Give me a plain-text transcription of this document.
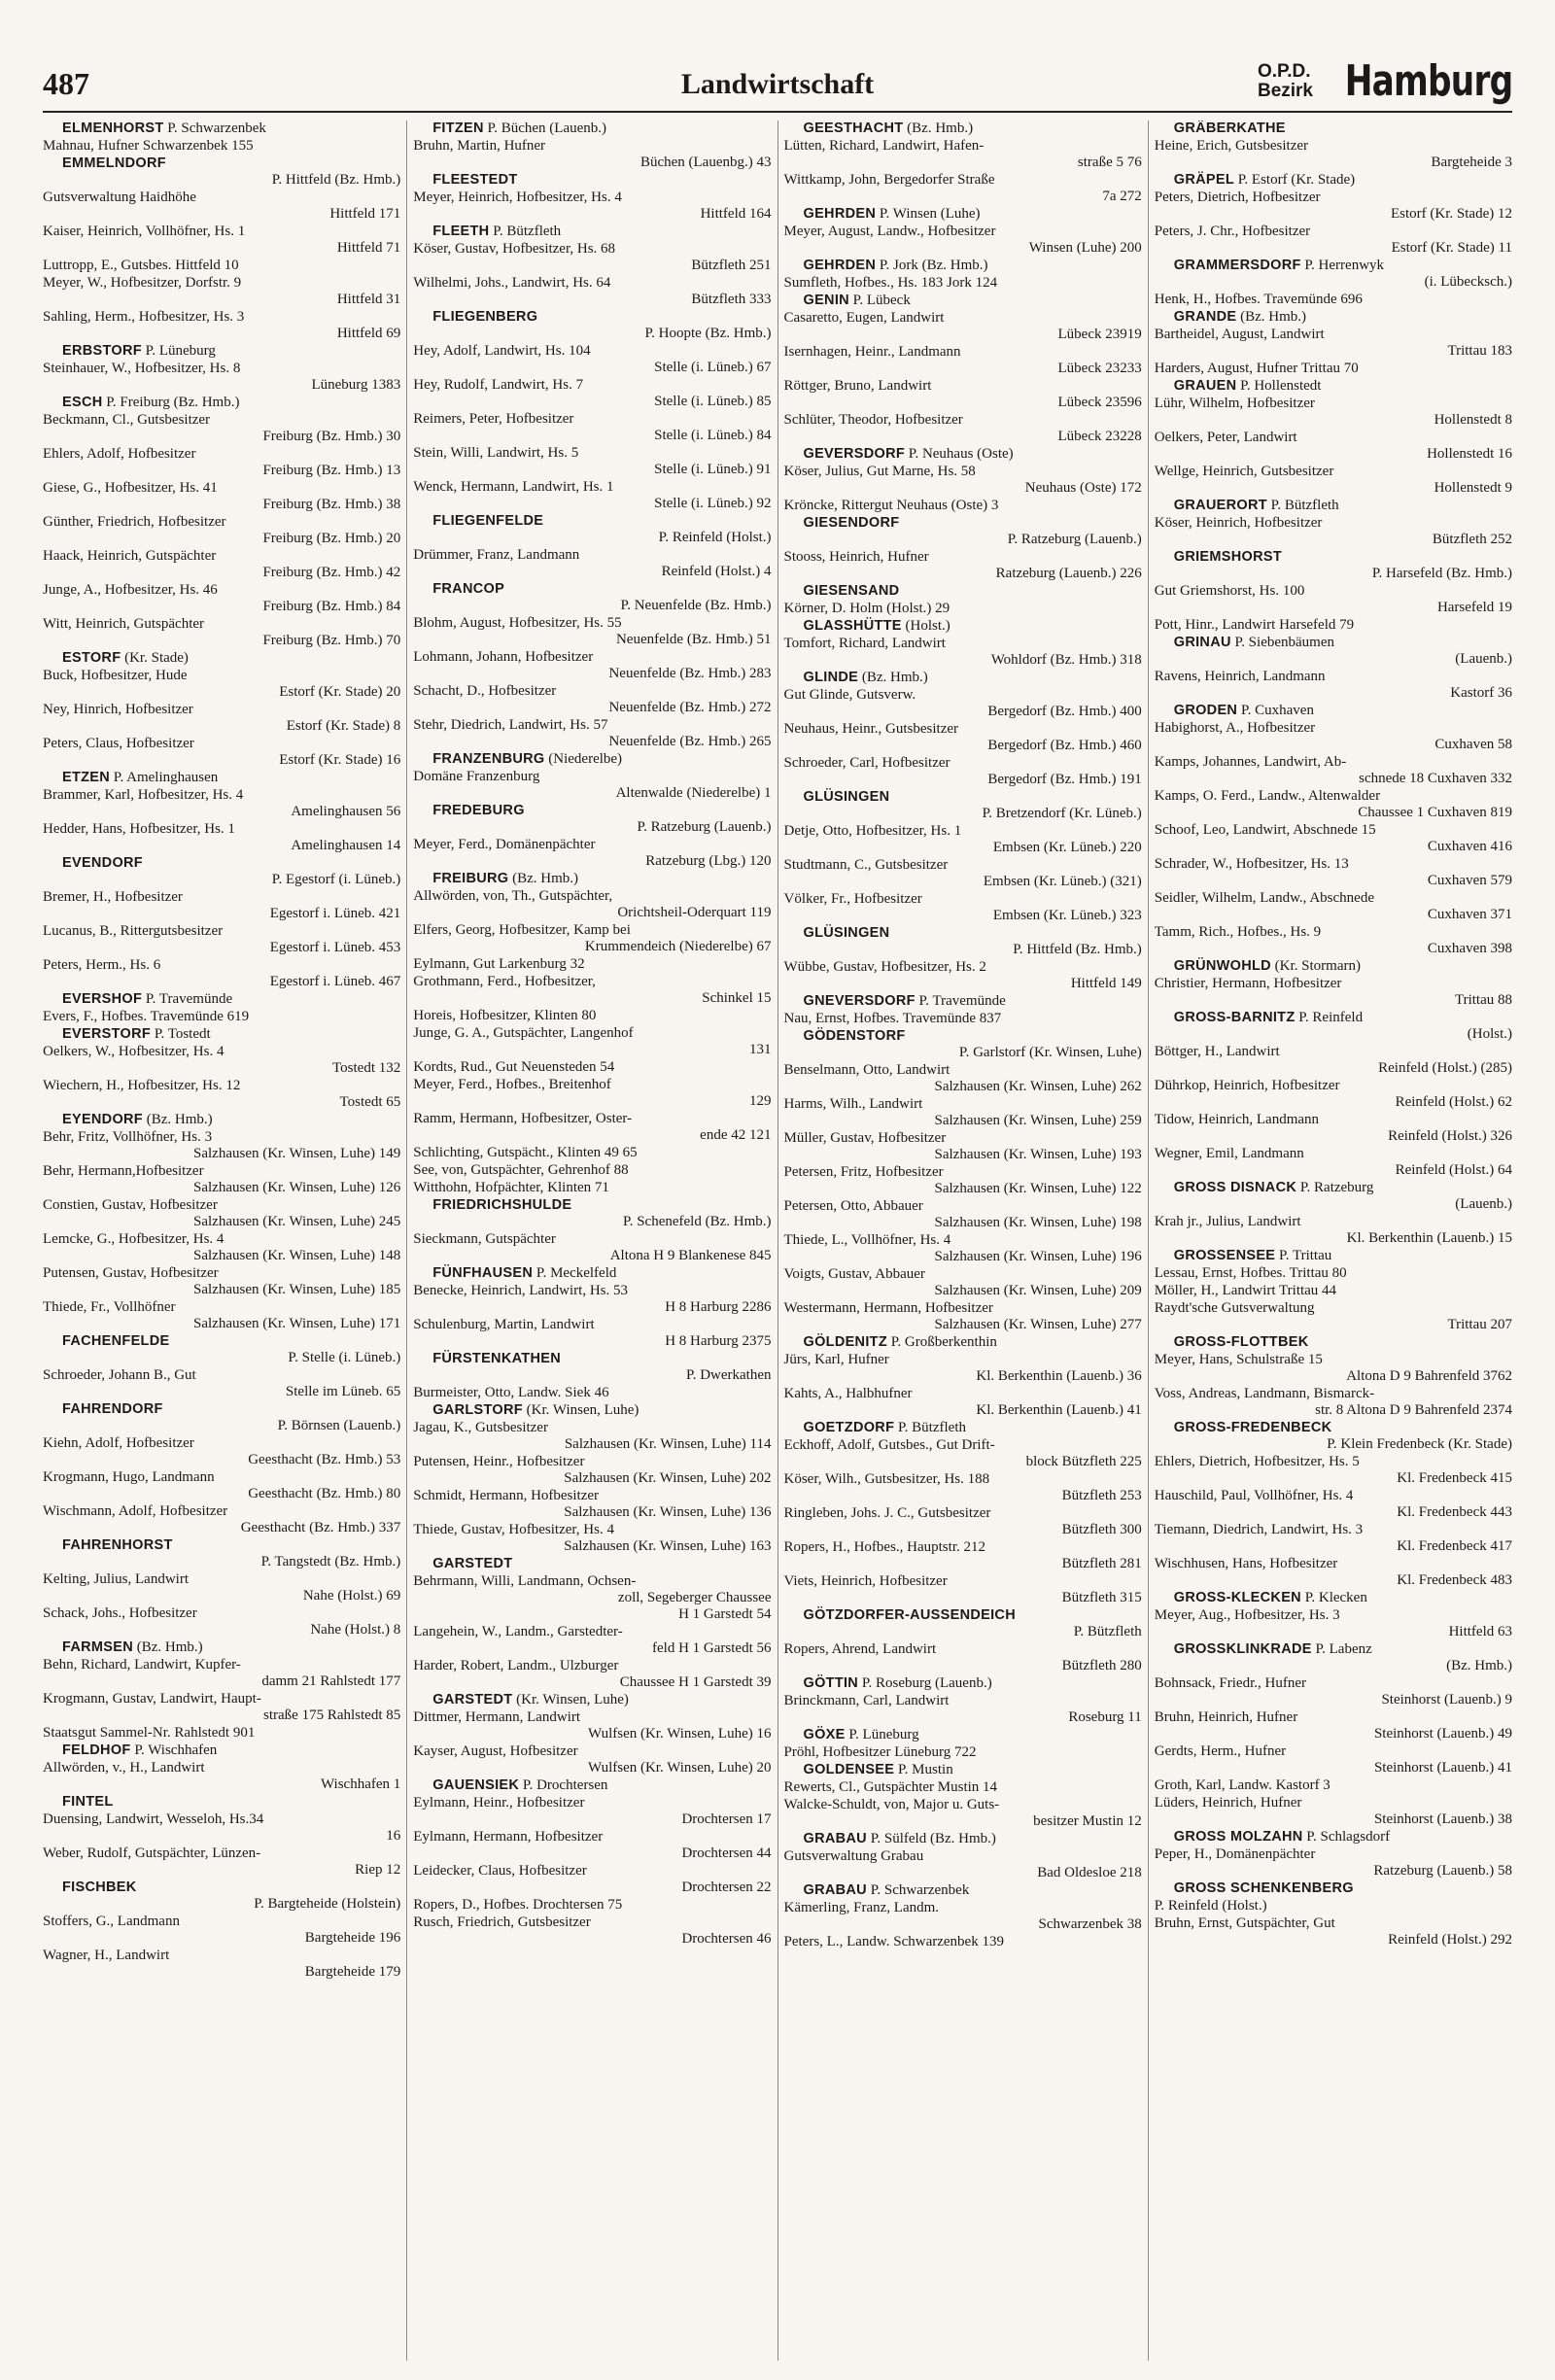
487	Landwirtschaft	O.P.D.
Bezirk Hamburg
ELMENHORST P. Schwarzenbek
Mahnau, Hufner Schwarzenbek 155
EMMELNDORF
P. Hittfeld (Bz. Hmb.)
Gutsverwaltung Haidhöhe
Hittfeld 171
Kaiser, Heinrich, Vollhöfner, Hs. 1
Hittfeld 71
Luttropp, E., Gutsbes. Hittfeld 10
Meyer, W., Hofbesitzer, Dorfstr. 9
Hittfeld 31
Sahling, Herm., Hofbesitzer, Hs. 3
Hittfeld 69
ERBSTORF P. Lüneburg
Steinhauer, W., Hofbesitzer, Hs. 8
Lüneburg 1383
ESCH P. Freiburg (Bz. Hmb.)
Beckmann, Cl., Gutsbesitzer
Freiburg (Bz. Hmb.) 30
Ehlers, Adolf, Hofbesitzer
Freiburg (Bz. Hmb.) 13
Giese, G., Hofbesitzer, Hs. 41
Freiburg (Bz. Hmb.) 38
Günther, Friedrich, Hofbesitzer
Freiburg (Bz. Hmb.) 20
Haack, Heinrich, Gutspächter
Freiburg (Bz. Hmb.) 42
Junge, A., Hofbesitzer, Hs. 46
Freiburg (Bz. Hmb.) 84
Witt, Heinrich, Gutspächter
Freiburg (Bz. Hmb.) 70
ESTORF (Kr. Stade)
Buck, Hofbesitzer, Hude
Estorf (Kr. Stade) 20
Ney, Hinrich, Hofbesitzer
Estorf (Kr. Stade) 8
Peters, Claus, Hofbesitzer
Estorf (Kr. Stade) 16
ETZEN P. Amelinghausen
Brammer, Karl, Hofbesitzer, Hs. 4
Amelinghausen 56
Hedder, Hans, Hofbesitzer, Hs. 1
Amelinghausen 14
EVENDORF
P. Egestorf (i. Lüneb.)
Bremer, H., Hofbesitzer
Egestorf i. Lüneb. 421
Lucanus, B., Rittergutsbesitzer
Egestorf i. Lüneb. 453
Peters, Herm., Hs. 6
Egestorf i. Lüneb. 467
EVERSHOF P. Travemünde
Evers, F., Hofbes. Travemünde 619
EVERSTORF P. Tostedt
Oelkers, W., Hofbesitzer, Hs. 4
Tostedt 132
Wiechern, H., Hofbesitzer, Hs. 12
Tostedt 65
EYENDORF (Bz. Hmb.)
Behr, Fritz, Vollhöfner, Hs. 3
Salzhausen (Kr. Winsen, Luhe) 149
Behr, Hermann,Hofbesitzer
Salzhausen (Kr. Winsen, Luhe) 126
Constien, Gustav, Hofbesitzer
Salzhausen (Kr. Winsen, Luhe) 245
Lemcke, G., Hofbesitzer, Hs. 4
Salzhausen (Kr. Winsen, Luhe) 148
Putensen, Gustav, Hofbesitzer
Salzhausen (Kr. Winsen, Luhe) 185
Thiede, Fr., Vollhöfner
Salzhausen (Kr. Winsen, Luhe) 171
FACHENFELDE
P. Stelle (i. Lüneb.)
Schroeder, Johann B., Gut
Stelle im Lüneb. 65
FAHRENDORF
P. Börnsen (Lauenb.)
Kiehn, Adolf, Hofbesitzer
Geesthacht (Bz. Hmb.) 53
Krogmann, Hugo, Landmann
Geesthacht (Bz. Hmb.) 80
Wischmann, Adolf, Hofbesitzer
Geesthacht (Bz. Hmb.) 337
FAHRENHORST
P. Tangstedt (Bz. Hmb.)
Kelting, Julius, Landwirt
Nahe (Holst.) 69
Schack, Johs., Hofbesitzer
Nahe (Holst.) 8
FARMSEN (Bz. Hmb.)
Behn, Richard, Landwirt, Kupfer-
damm 21 Rahlstedt 177
Krogmann, Gustav, Landwirt, Haupt-
straße 175 Rahlstedt 85
Staatsgut Sammel-Nr. Rahlstedt 901
FELDHOF P. Wischhafen
Allwörden, v., H., Landwirt
Wischhafen 1
FINTEL
Duensing, Landwirt, Wesseloh, Hs.34
16
Weber, Rudolf, Gutspächter, Lünzen-
Riep 12
FISCHBEK
P. Bargteheide (Holstein)
Stoffers, G., Landmann
Bargteheide 196
Wagner, H., Landwirt
Bargteheide 179
FITZEN P. Büchen (Lauenb.)
Bruhn, Martin, Hufner
Büchen (Lauenbg.) 43
FLEESTEDT
Meyer, Heinrich, Hofbesitzer, Hs. 4
Hittfeld 164
FLEETH P. Bützfleth
Köser, Gustav, Hofbesitzer, Hs. 68
Bützfleth 251
Wilhelmi, Johs., Landwirt, Hs. 64
Bützfleth 333
FLIEGENBERG
P. Hoopte (Bz. Hmb.)
Hey, Adolf, Landwirt, Hs. 104
Stelle (i. Lüneb.) 67
Hey, Rudolf, Landwirt, Hs. 7
Stelle (i. Lüneb.) 85
Reimers, Peter, Hofbesitzer
Stelle (i. Lüneb.) 84
Stein, Willi, Landwirt, Hs. 5
Stelle (i. Lüneb.) 91
Wenck, Hermann, Landwirt, Hs. 1
Stelle (i. Lüneb.) 92
FLIEGENFELDE
P. Reinfeld (Holst.)
Drümmer, Franz, Landmann
Reinfeld (Holst.) 4
FRANCOP
P. Neuenfelde (Bz. Hmb.)
Blohm, August, Hofbesitzer, Hs. 55
Neuenfelde (Bz. Hmb.) 51
Lohmann, Johann, Hofbesitzer
Neuenfelde (Bz. Hmb.) 283
Schacht, D., Hofbesitzer
Neuenfelde (Bz. Hmb.) 272
Stehr, Diedrich, Landwirt, Hs. 57
Neuenfelde (Bz. Hmb.) 265
FRANZENBURG (Niederelbe)
Domäne Franzenburg
Altenwalde (Niederelbe) 1
FREDEBURG
P. Ratzeburg (Lauenb.)
Meyer, Ferd., Domänenpächter
Ratzeburg (Lbg.) 120
FREIBURG (Bz. Hmb.)
Allwörden, von, Th., Gutspächter,
Orichtsheil-Oderquart 119
Elfers, Georg, Hofbesitzer, Kamp bei
Krummendeich (Niederelbe) 67
Eylmann, Gut Larkenburg 32
Grothmann, Ferd., Hofbesitzer,
Schinkel 15
Horeis, Hofbesitzer, Klinten 80
Junge, G. A., Gutspächter, Langenhof
131
Kordts, Rud., Gut Neuensteden 54
Meyer, Ferd., Hofbes., Breitenhof
129
Ramm, Hermann, Hofbesitzer, Oster-
ende 42 121
Schlichting, Gutspächt., Klinten 49 65
See, von, Gutspächter, Gehrenhof 88
Witthohn, Hofpächter, Klinten 71
FRIEDRICHSHULDE
P. Schenefeld (Bz. Hmb.)
Sieckmann, Gutspächter
Altona H 9 Blankenese 845
FÜNFHAUSEN P. Meckelfeld
Benecke, Heinrich, Landwirt, Hs. 53
H 8 Harburg 2286
Schulenburg, Martin, Landwirt
H 8 Harburg 2375
FÜRSTENKATHEN
P. Dwerkathen
Burmeister, Otto, Landw. Siek 46
GARLSTORF (Kr. Winsen, Luhe)
Jagau, K., Gutsbesitzer
Salzhausen (Kr. Winsen, Luhe) 114
Putensen, Heinr., Hofbesitzer
Salzhausen (Kr. Winsen, Luhe) 202
Schmidt, Hermann, Hofbesitzer
Salzhausen (Kr. Winsen, Luhe) 136
Thiede, Gustav, Hofbesitzer, Hs. 4
Salzhausen (Kr. Winsen, Luhe) 163
GARSTEDT
Behrmann, Willi, Landmann, Ochsen-
zoll, Segeberger Chaussee
H 1 Garstedt 54
Langehein, W., Landm., Garstedter-
feld H 1 Garstedt 56
Harder, Robert, Landm., Ulzburger
Chaussee H 1 Garstedt 39
GARSTEDT (Kr. Winsen, Luhe)
Dittmer, Hermann, Landwirt
Wulfsen (Kr. Winsen, Luhe) 16
Kayser, August, Hofbesitzer
Wulfsen (Kr. Winsen, Luhe) 20
GAUENSIEK P. Drochtersen
Eylmann, Heinr., Hofbesitzer
Drochtersen 17
Eylmann, Hermann, Hofbesitzer
Drochtersen 44
Leidecker, Claus, Hofbesitzer
Drochtersen 22
Ropers, D., Hofbes. Drochtersen 75
Rusch, Friedrich, Gutsbesitzer
Drochtersen 46
GEESTHACHT (Bz. Hmb.)
Lütten, Richard, Landwirt, Hafen-
straße 5 76
Wittkamp, John, Bergedorfer Straße
7a 272
GEHRDEN P. Winsen (Luhe)
Meyer, August, Landw., Hofbesitzer
Winsen (Luhe) 200
GEHRDEN P. Jork (Bz. Hmb.)
Sumfleth, Hofbes., Hs. 183 Jork 124
GENIN P. Lübeck
Casaretto, Eugen, Landwirt
Lübeck 23919
Isernhagen, Heinr., Landmann
Lübeck 23233
Röttger, Bruno, Landwirt
Lübeck 23596
Schlüter, Theodor, Hofbesitzer
Lübeck 23228
GEVERSDORF P. Neuhaus (Oste)
Köser, Julius, Gut Marne, Hs. 58
Neuhaus (Oste) 172
Kröncke, Rittergut Neuhaus (Oste) 3
GIESENDORF
P. Ratzeburg (Lauenb.)
Stooss, Heinrich, Hufner
Ratzeburg (Lauenb.) 226
GIESENSAND
Körner, D. Holm (Holst.) 29
GLASSHÜTTE (Holst.)
Tomfort, Richard, Landwirt
Wohldorf (Bz. Hmb.) 318
GLINDE (Bz. Hmb.)
Gut Glinde, Gutsverw.
Bergedorf (Bz. Hmb.) 400
Neuhaus, Heinr., Gutsbesitzer
Bergedorf (Bz. Hmb.) 460
Schroeder, Carl, Hofbesitzer
Bergedorf (Bz. Hmb.) 191
GLÜSINGEN
P. Bretzendorf (Kr. Lüneb.)
Detje, Otto, Hofbesitzer, Hs. 1
Embsen (Kr. Lüneb.) 220
Studtmann, C., Gutsbesitzer
Embsen (Kr. Lüneb.) (321)
Völker, Fr., Hofbesitzer
Embsen (Kr. Lüneb.) 323
GLÜSINGEN
P. Hittfeld (Bz. Hmb.)
Wübbe, Gustav, Hofbesitzer, Hs. 2
Hittfeld 149
GNEVERSDORF P. Travemünde
Nau, Ernst, Hofbes. Travemünde 837
GÖDENSTORF
P. Garlstorf (Kr. Winsen, Luhe)
Benselmann, Otto, Landwirt
Salzhausen (Kr. Winsen, Luhe) 262
Harms, Wilh., Landwirt
Salzhausen (Kr. Winsen, Luhe) 259
Müller, Gustav, Hofbesitzer
Salzhausen (Kr. Winsen, Luhe) 193
Petersen, Fritz, Hofbesitzer
Salzhausen (Kr. Winsen, Luhe) 122
Petersen, Otto, Abbauer
Salzhausen (Kr. Winsen, Luhe) 198
Thiede, L., Vollhöfner, Hs. 4
Salzhausen (Kr. Winsen, Luhe) 196
Voigts, Gustav, Abbauer
Salzhausen (Kr. Winsen, Luhe) 209
Westermann, Hermann, Hofbesitzer
Salzhausen (Kr. Winsen, Luhe) 277
GÖLDENITZ P. Großberkenthin
Jürs, Karl, Hufner
Kl. Berkenthin (Lauenb.) 36
Kahts, A., Halbhufner
Kl. Berkenthin (Lauenb.) 41
GOETZDORF P. Bützfleth
Eckhoff, Adolf, Gutsbes., Gut Drift-
block Bützfleth 225
Köser, Wilh., Gutsbesitzer, Hs. 188
Bützfleth 253
Ringleben, Johs. J. C., Gutsbesitzer
Bützfleth 300
Ropers, H., Hofbes., Hauptstr. 212
Bützfleth 281
Viets, Heinrich, Hofbesitzer
Bützfleth 315
GÖTZDORFER-AUSSENDEICH
P. Bützfleth
Ropers, Ahrend, Landwirt
Bützfleth 280
GÖTTIN P. Roseburg (Lauenb.)
Brinckmann, Carl, Landwirt
Roseburg 11
GÖXE P. Lüneburg
Pröhl, Hofbesitzer Lüneburg 722
GOLDENSEE P. Mustin
Rewerts, Cl., Gutspächter Mustin 14
Walcke-Schuldt, von, Major u. Guts-
besitzer Mustin 12
GRABAU P. Sülfeld (Bz. Hmb.)
Gutsverwaltung Grabau
Bad Oldesloe 218
GRABAU P. Schwarzenbek
Kämerling, Franz, Landm.
Schwarzenbek 38
Peters, L., Landw. Schwarzenbek 139
GRÄBERKATHE
Heine, Erich, Gutsbesitzer
Bargteheide 3
GRÄPEL P. Estorf (Kr. Stade)
Peters, Dietrich, Hofbesitzer
Estorf (Kr. Stade) 12
Peters, J. Chr., Hofbesitzer
Estorf (Kr. Stade) 11
GRAMMERSDORF P. Herrenwyk
(i. Lübecksch.)
Henk, H., Hofbes. Travemünde 696
GRANDE (Bz. Hmb.)
Bartheidel, August, Landwirt
Trittau 183
Harders, August, Hufner Trittau 70
GRAUEN P. Hollenstedt
Lühr, Wilhelm, Hofbesitzer
Hollenstedt 8
Oelkers, Peter, Landwirt
Hollenstedt 16
Wellge, Heinrich, Gutsbesitzer
Hollenstedt 9
GRAUERORT P. Bützfleth
Köser, Heinrich, Hofbesitzer
Bützfleth 252
GRIEMSHORST
P. Harsefeld (Bz. Hmb.)
Gut Griemshorst, Hs. 100
Harsefeld 19
Pott, Hinr., Landwirt Harsefeld 79
GRINAU P. Siebenbäumen
(Lauenb.)
Ravens, Heinrich, Landmann
Kastorf 36
GRODEN P. Cuxhaven
Habighorst, A., Hofbesitzer
Cuxhaven 58
Kamps, Johannes, Landwirt, Ab-
schnede 18 Cuxhaven 332
Kamps, O. Ferd., Landw., Altenwalder
Chaussee 1 Cuxhaven 819
Schoof, Leo, Landwirt, Abschnede 15
Cuxhaven 416
Schrader, W., Hofbesitzer, Hs. 13
Cuxhaven 579
Seidler, Wilhelm, Landw., Abschnede
Cuxhaven 371
Tamm, Rich., Hofbes., Hs. 9
Cuxhaven 398
GRÜNWOHLD (Kr. Stormarn)
Christier, Hermann, Hofbesitzer
Trittau 88
GROSS-BARNITZ P. Reinfeld
(Holst.)
Böttger, H., Landwirt
Reinfeld (Holst.) (285)
Dührkop, Heinrich, Hofbesitzer
Reinfeld (Holst.) 62
Tidow, Heinrich, Landmann
Reinfeld (Holst.) 326
Wegner, Emil, Landmann
Reinfeld (Holst.) 64
GROSS DISNACK P. Ratzeburg
(Lauenb.)
Krah jr., Julius, Landwirt
Kl. Berkenthin (Lauenb.) 15
GROSSENSEE P. Trittau
Lessau, Ernst, Hofbes. Trittau 80
Möller, H., Landwirt Trittau 44
Raydt'sche Gutsverwaltung
Trittau 207
GROSS-FLOTTBEK
Meyer, Hans, Schulstraße 15
Altona D 9 Bahrenfeld 3762
Voss, Andreas, Landmann, Bismarck-
str. 8 Altona D 9 Bahrenfeld 2374
GROSS-FREDENBECK
P. Klein Fredenbeck (Kr. Stade)
Ehlers, Dietrich, Hofbesitzer, Hs. 5
Kl. Fredenbeck 415
Hauschild, Paul, Vollhöfner, Hs. 4
Kl. Fredenbeck 443
Tiemann, Diedrich, Landwirt, Hs. 3
Kl. Fredenbeck 417
Wischhusen, Hans, Hofbesitzer
Kl. Fredenbeck 483
GROSS-KLECKEN P. Klecken
Meyer, Aug., Hofbesitzer, Hs. 3
Hittfeld 63
GROSSKLINKRADE P. Labenz
(Bz. Hmb.)
Bohnsack, Friedr., Hufner
Steinhorst (Lauenb.) 9
Bruhn, Heinrich, Hufner
Steinhorst (Lauenb.) 49
Gerdts, Herm., Hufner
Steinhorst (Lauenb.) 41
Groth, Karl, Landw. Kastorf 3
Lüders, Heinrich, Hufner
Steinhorst (Lauenb.) 38
GROSS MOLZAHN P. Schlagsdorf
Peper, H., Domänenpächter
Ratzeburg (Lauenb.) 58
GROSS SCHENKENBERG
P. Reinfeld (Holst.)
Bruhn, Ernst, Gutspächter, Gut
Reinfeld (Holst.) 292
